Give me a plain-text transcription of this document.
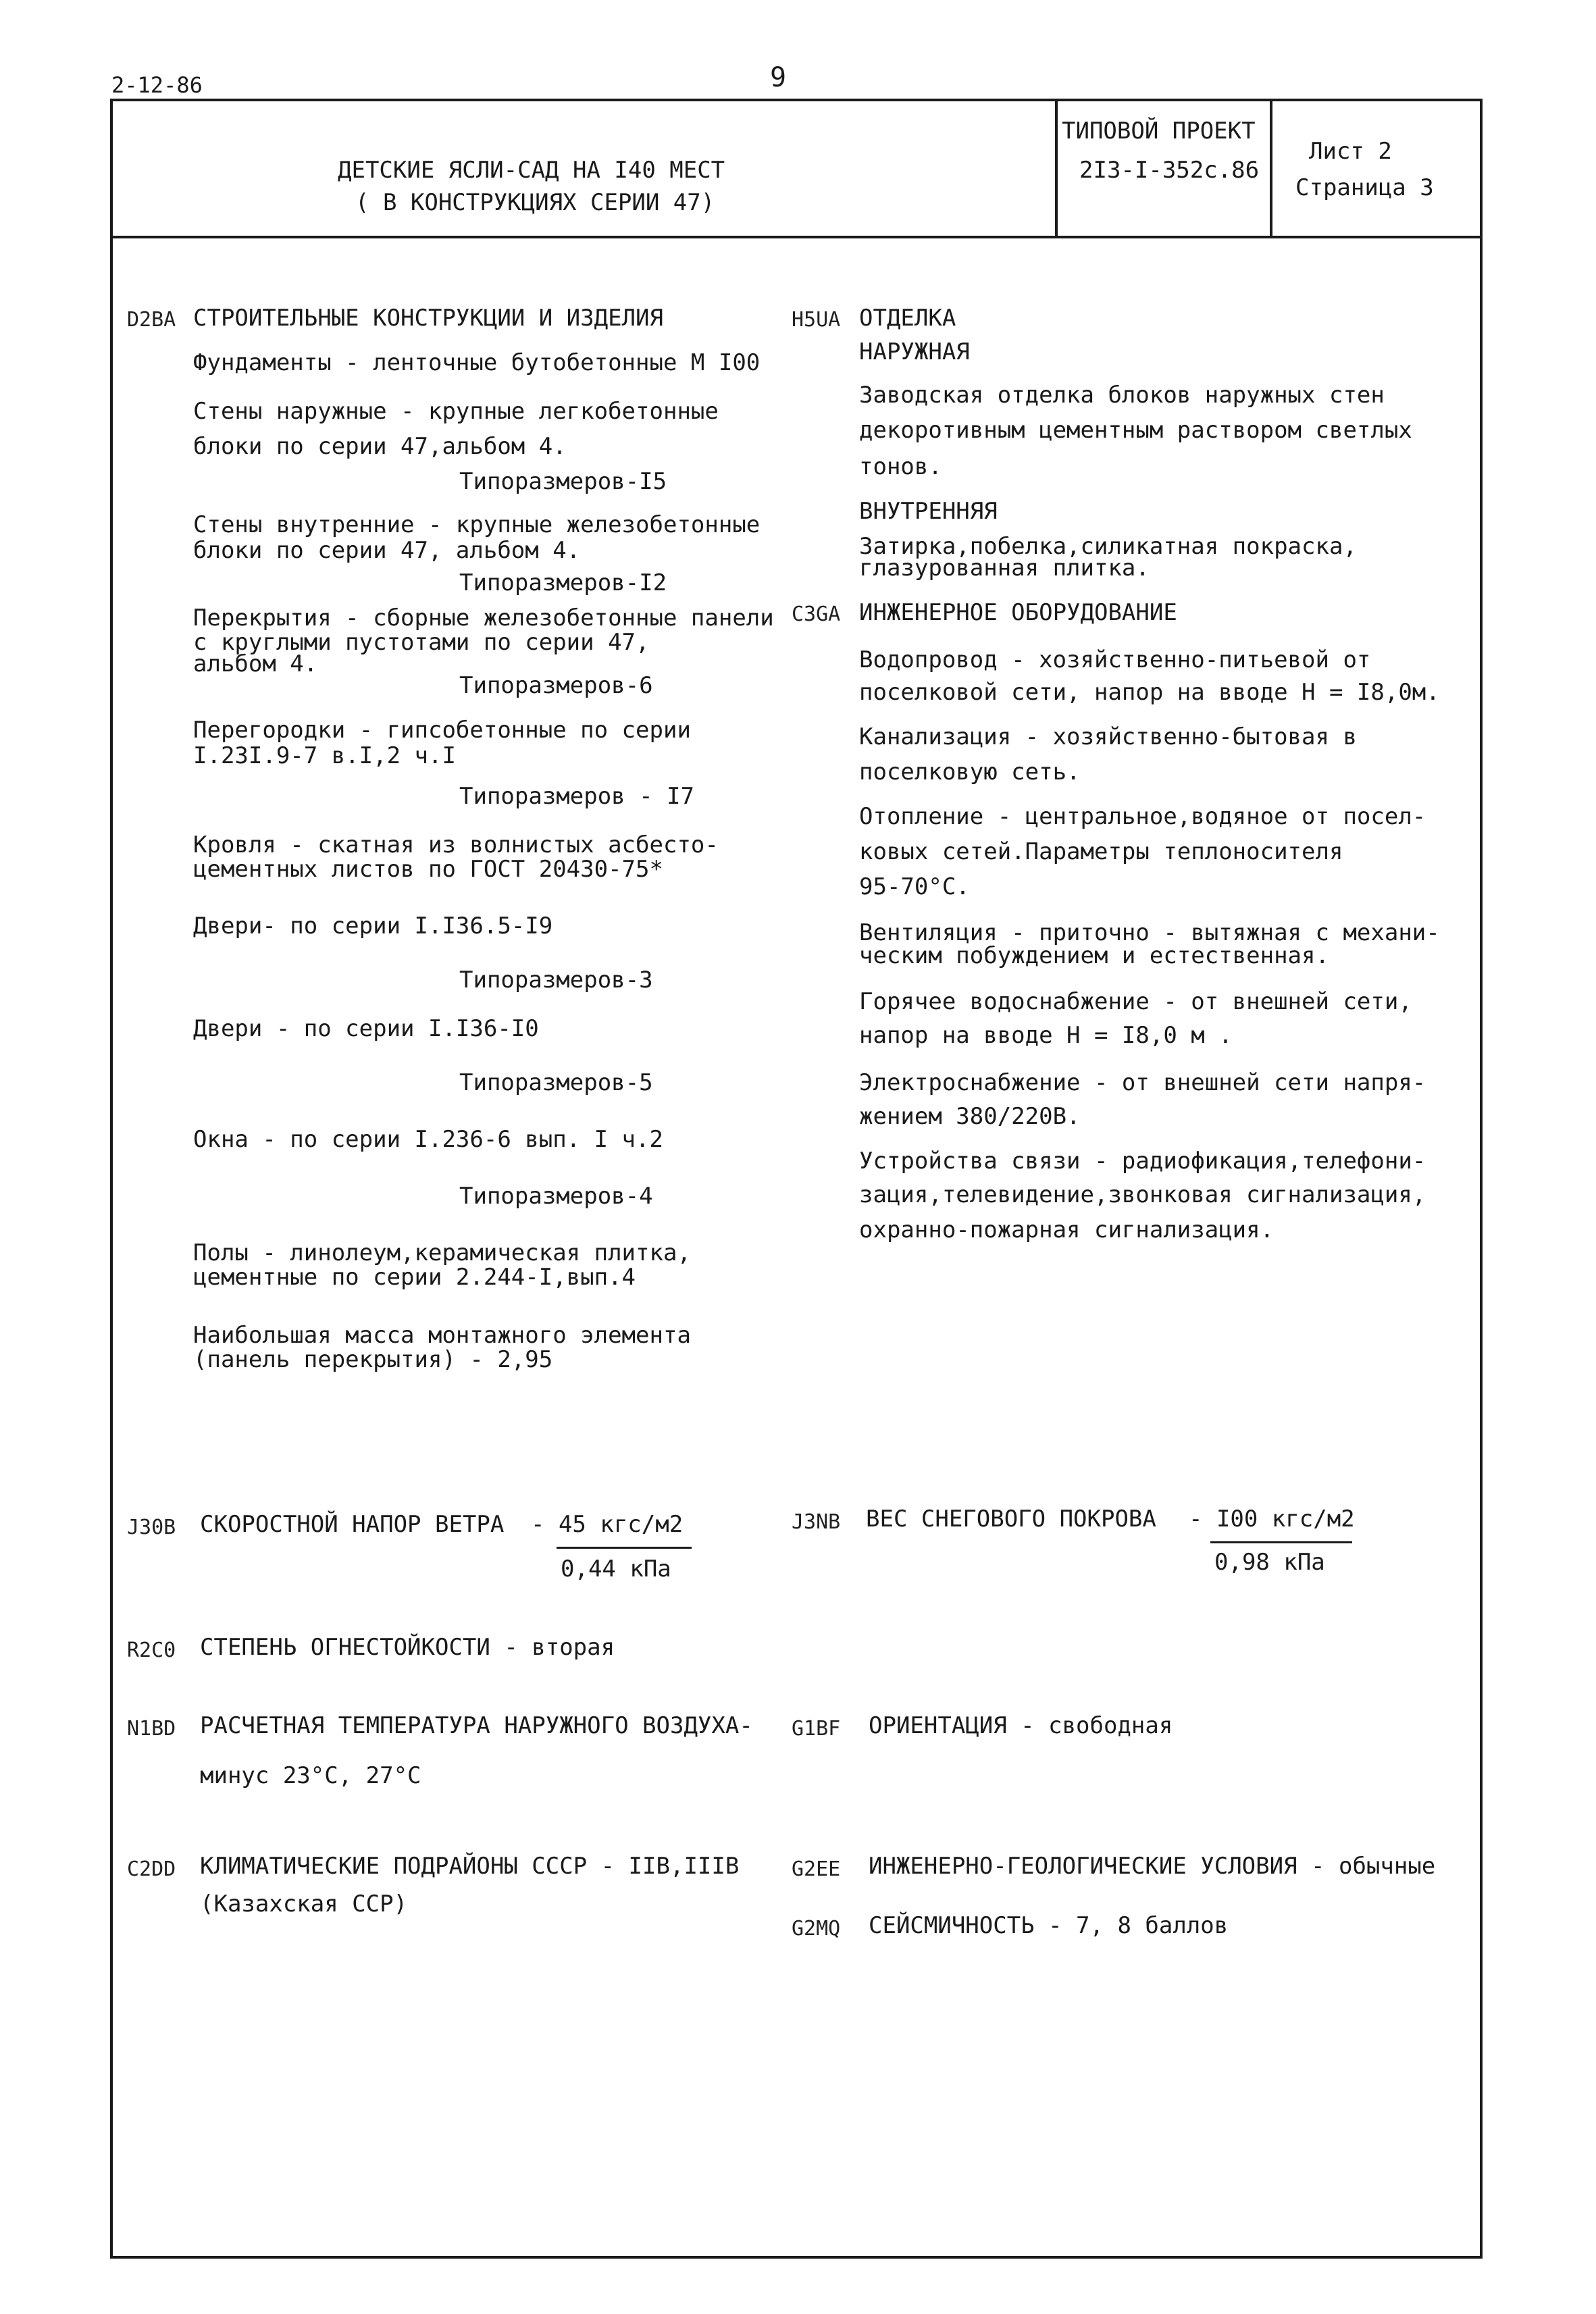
2-12-86	9
ДЕТСКИЕ ЯСЛИ-САД НА I40 МЕСТ
( В КОНСТРУКЦИЯХ СЕРИИ 47)
ТИПОВОЙ ПРОЕКТ
2I3-I-352с.86
Лист 2
Страница 3
D2BA СТРОИТЕЛЬНЫЕ КОНСТРУКЦИИ И ИЗДЕЛИЯ
Фундаменты - ленточные бутобетонные М I00
Стены наружные - крупные легкобетонные
блоки по серии 47,альбом 4.
Типоразмеров-I5
Стены внутренние - крупные железобетонные
блоки по серии 47, альбом 4.
Типоразмеров-I2
Перекрытия - сборные железобетонные панели
с круглыми пустотами по серии 47,
альбом 4.
Типоразмеров-6
Перегородки - гипсобетонные по серии
I.23I.9-7 в.I,2 ч.I
Типоразмеров - I7
Кровля - скатная из волнистых асбесто-
цементных листов по ГОСТ 20430-75*
Двери- по серии I.I36.5-I9
Типоразмеров-3
Двери - по серии I.I36-I0
Типоразмеров-5
Окна - по серии I.236-6 вып. I ч.2
Типоразмеров-4
Полы - линолеум,керамическая плитка,
цементные по серии 2.244-I,вып.4
Наибольшая масса монтажного элемента
(панель перекрытия) - 2,95
H5UA ОТДЕЛКА
НАРУЖНАЯ
Заводская отделка блоков наружных стен
декоротивным цементным раствором светлых
тонов.
ВНУТРЕННЯЯ
Затирка,побелка,силикатная покраска,
глазурованная плитка.
C3GA ИНЖЕНЕРНОЕ ОБОРУДОВАНИЕ
Водопровод - хозяйственно-питьевой от
поселковой сети, напор на вводе Н = I8,0м.
Канализация - хозяйственно-бытовая в
поселковую сеть.
Отопление - центральное,водяное от посел-
ковых сетей.Параметры теплоносителя
95-70°С.
Вентиляция - приточно - вытяжная с механи-
ческим побуждением и естественная.
Горячее водоснабжение - от внешней сети,
напор на вводе Н = I8,0 м .
Электроснабжение - от внешней сети напря-
жением 380/220В.
Устройства связи - радиофикация,телефони-
зация,телевидение,звонковая сигнализация,
охранно-пожарная сигнализация.
J30B СКОРОСТНОЙ НАПОР ВЕТРА - 45 кгс/м2
0,44 кПа
J3NB ВЕС СНЕГОВОГО ПОКРОВА - I00 кгс/м2
0,98 кПа
R2C0 СТЕПЕНЬ ОГНЕСТОЙКОСТИ - вторая
N1BD РАСЧЕТНАЯ ТЕМПЕРАТУРА НАРУЖНОГО ВОЗДУХА-
минус 23°С, 27°С
G1BF ОРИЕНТАЦИЯ - свободная
C2DD КЛИМАТИЧЕСКИЕ ПОДРАЙОНЫ СССР - IIВ,IIIВ
(Казахская ССР)
G2EE ИНЖЕНЕРНО-ГЕОЛОГИЧЕСКИЕ УСЛОВИЯ - обычные
G2MQ СЕЙСМИЧНОСТЬ - 7, 8 баллов
